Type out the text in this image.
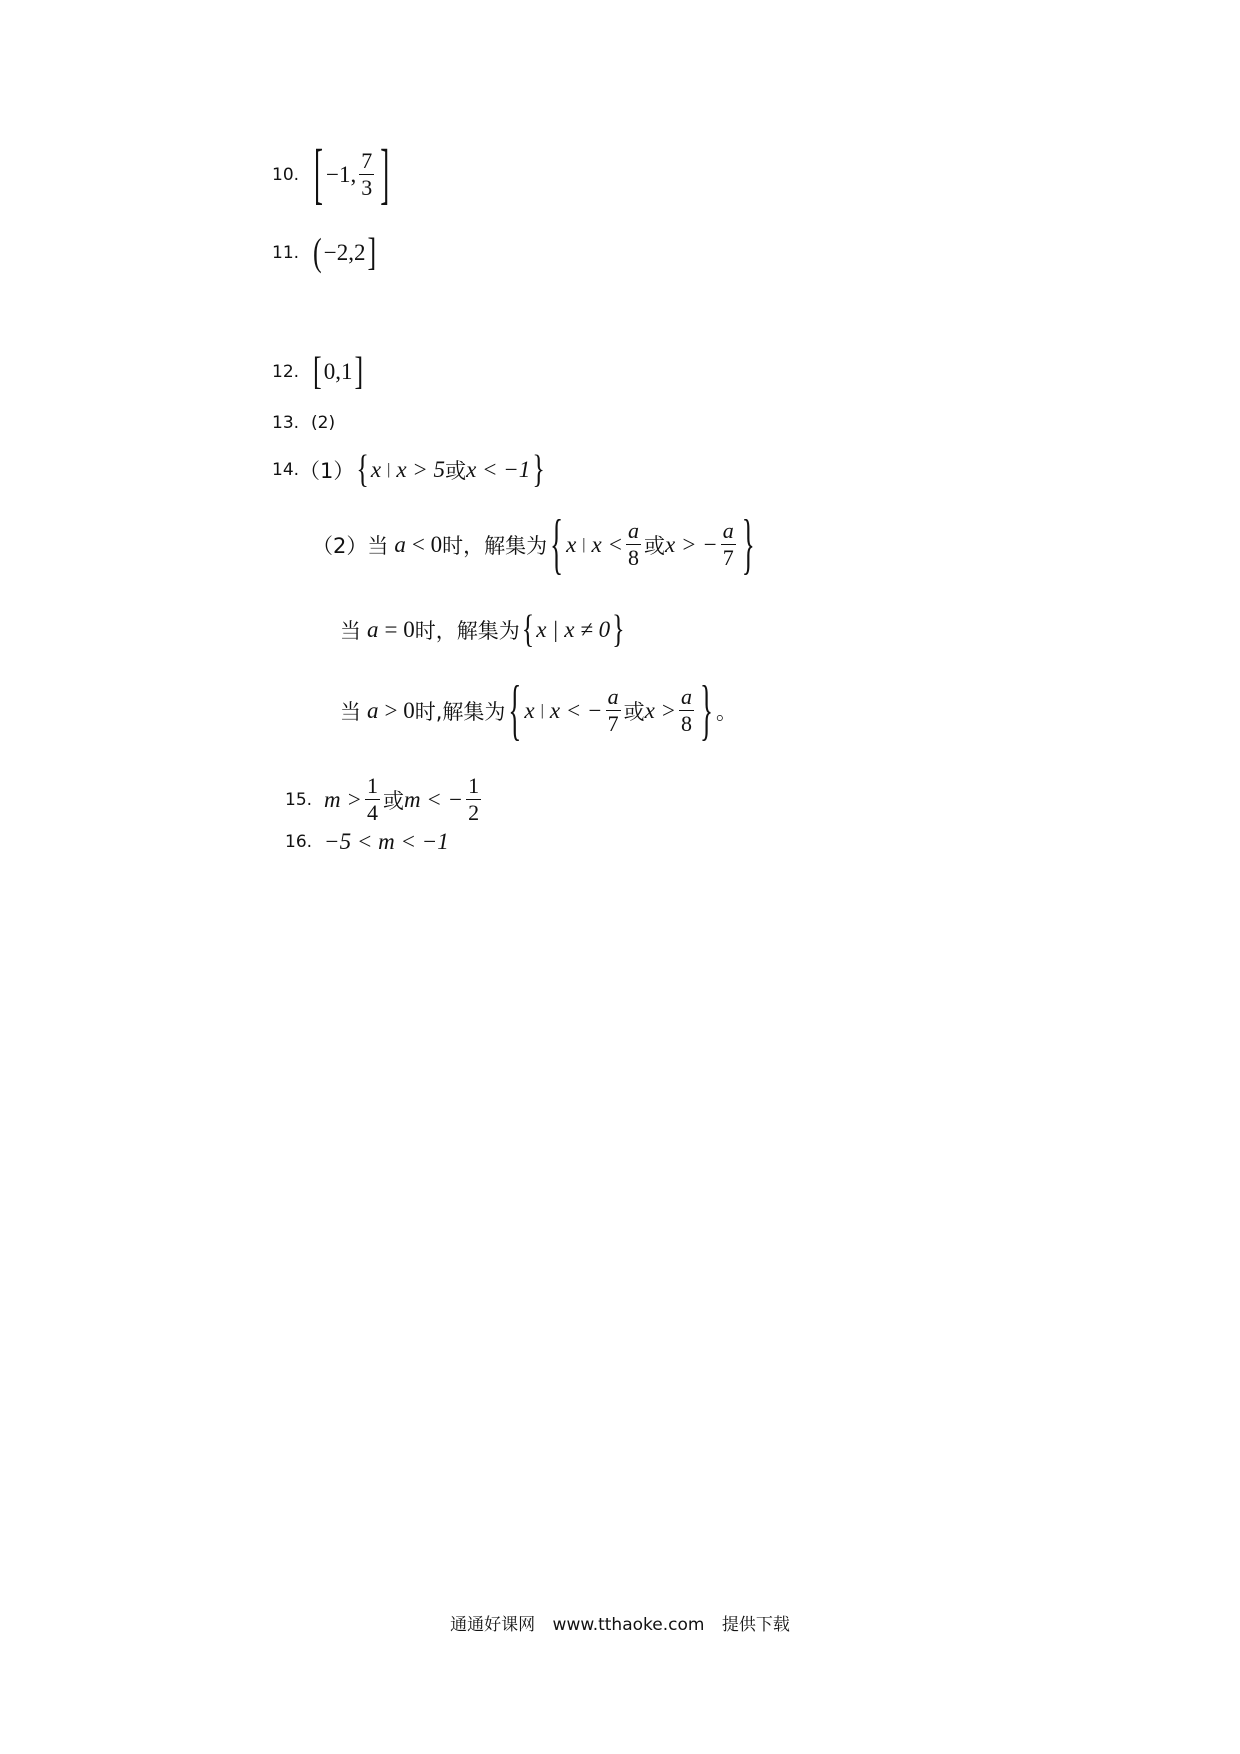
10. [ −1, $\frac{7}{3}$ ]
11. ( −2,2 ]
12. [ 0,1 ]
13. (2)
14. （1） { x | x > 5 或 x < −1 }
（2） 当 a < 0 时， 解集为 { x | $x < \frac{a}{8}$ 或 x > − $\frac{a}{7}$ }
当 a = 0 时， 解集为 { x | x ≠ 0 }
当 a > 0 时, 解集为 { x | x < − $\frac{a}{7}$ 或 $x > \frac{a}{8}$ } 。
15. $m > \frac{1}{4}$ 或 m < − $\frac{1}{2}$
16. −5 < m < −1
通通好课网 www.tthaoke.com 提供下载
